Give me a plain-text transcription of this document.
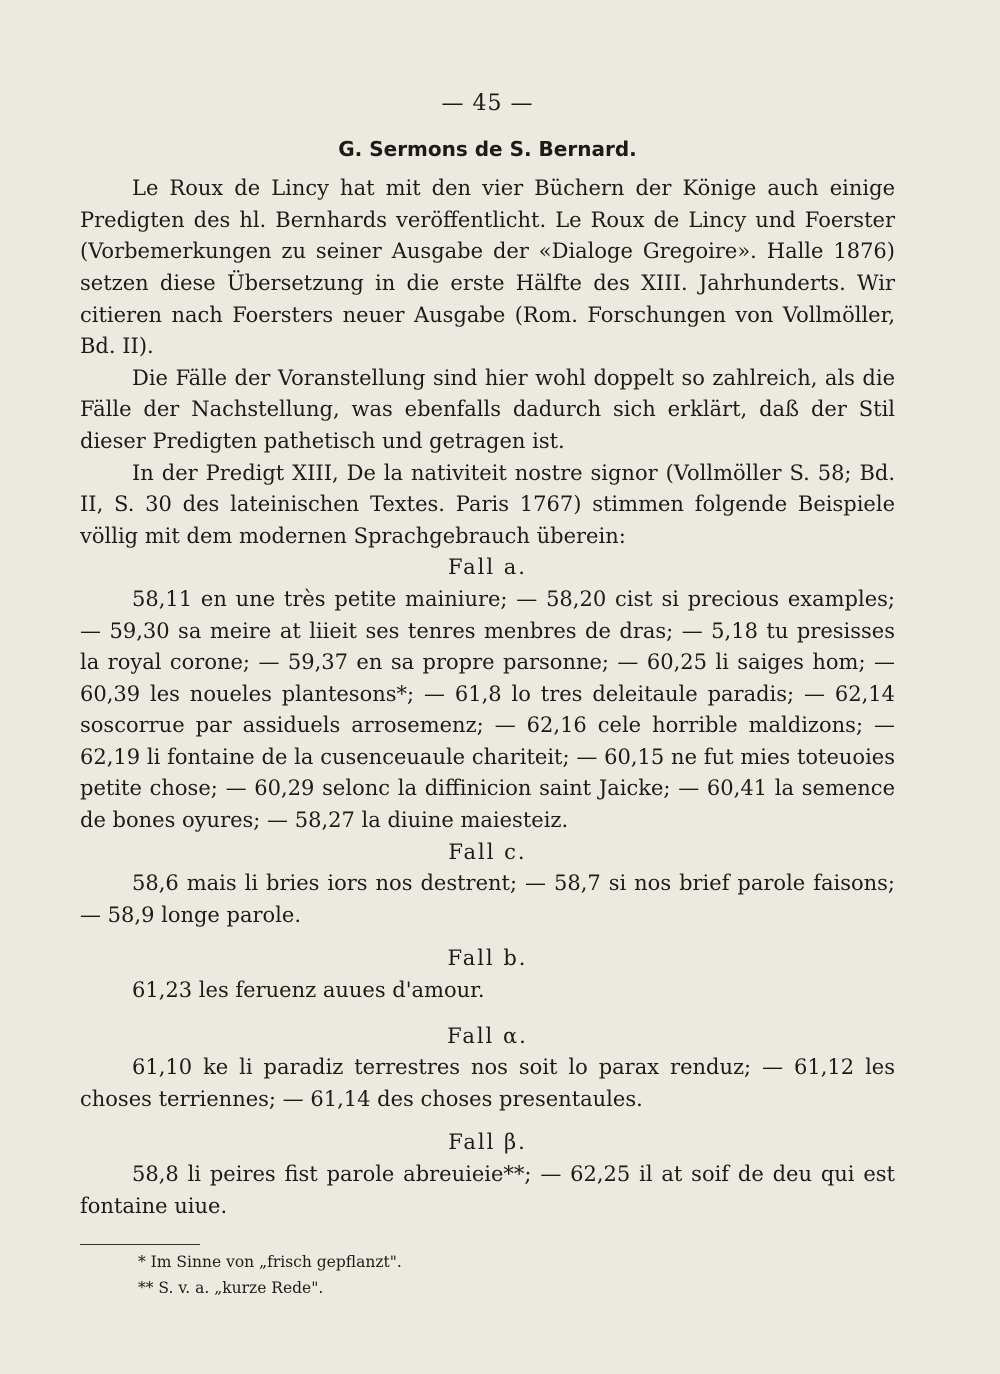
— 45 —
G. Sermons de S. Bernard.

Le Roux de Lincy hat mit den vier Büchern der Könige auch einige Predigten des hl. Bernhards veröffentlicht. Le Roux de Lincy und Foerster (Vorbemerkungen zu seiner Ausgabe der «Dialoge Gregoire». Halle 1876) setzen diese Übersetzung in die erste Hälfte des XIII. Jahrhunderts. Wir citieren nach Foersters neuer Ausgabe (Rom. Forschungen von Vollmöller, Bd. II).

Die Fälle der Voranstellung sind hier wohl doppelt so zahlreich, als die Fälle der Nachstellung, was ebenfalls dadurch sich erklärt, daß der Stil dieser Predigten pathetisch und getragen ist.

In der Predigt XIII, De la nativiteit nostre signor (Vollmöller S. 58; Bd. II, S. 30 des lateinischen Textes. Paris 1767) stimmen folgende Beispiele völlig mit dem modernen Sprachgebrauch überein:

Fall a.

58,11 en une très petite mainiure; — 58,20 cist si precious examples; — 59,30 sa meire at liieit ses tenres menbres de dras; — 5,18 tu presisses la royal corone; — 59,37 en sa propre parsonne; — 60,25 li saiges hom; — 60,39 les noueles plantesons*; — 61,8 lo tres deleitaule paradis; — 62,14 soscorrue par assiduels arrosemenz; — 62,16 cele horrible maldizons; — 62,19 li fontaine de la cusenceuaule chariteit; — 60,15 ne fut mies toteuoies petite chose; — 60,29 selonc la diffinicion saint Jaicke; — 60,41 la semence de bones oyures; — 58,27 la diuine maiesteiz.

Fall c.

58,6 mais li bries iors nos destrent; — 58,7 si nos brief parole faisons; — 58,9 longe parole.

Fall b.

61,23 les feruenz auues d'amour.

Fall α.

61,10 ke li paradiz terrestres nos soit lo parax renduz; — 61,12 les choses terriennes; — 61,14 des choses presentaules.

Fall β.

58,8 li peires fist parole abreuieie**; — 62,25 il at soif de deu qui est fontaine uiue.

* Im Sinne von „frisch gepflanzt".
** S. v. a. „kurze Rede".
